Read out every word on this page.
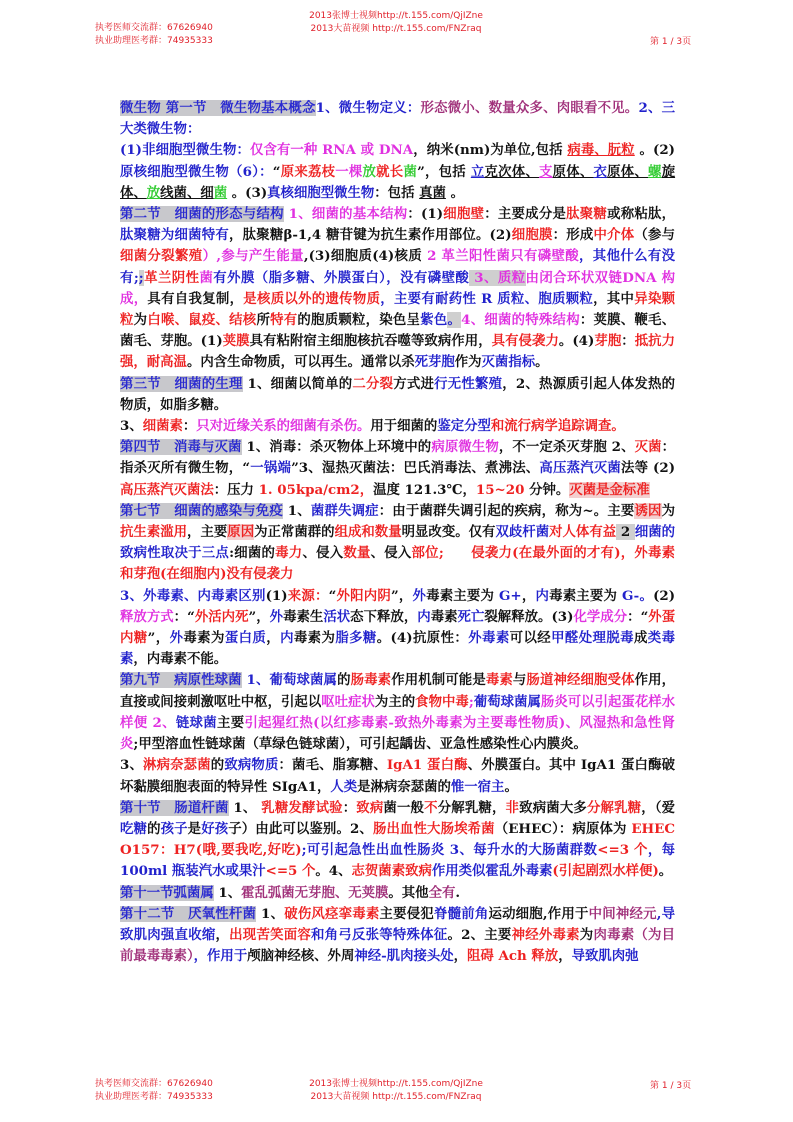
执考医师交流群：67626940
执业助理医考群：74935333
2013张博士视频http://t.155.com/QjIZne
2013大苗视频 http://t.155.com/FNZraq
第 1 / 3页

微生物 第一节　微生物基本概念1、微生物定义：形态微小、数量众多、肉眼看不见。2、三大类微生物：
(1)非细胞型微生物：仅含有一种 RNA 或 DNA，纳米(nm)为单位,包括 病毒、朊粒 。(2)原核细胞型微生物（6）：“原来荔枝一棵放就长菌”，包括 立克次体、支原体、衣原体、螺旋体、放线菌、细菌 。(3)真核细胞型微生物：包括 真菌 。

第二节　细菌的形态与结构 1、细菌的基本结构：(1)细胞壁：主要成分是肽聚糖或称粘肽，肽聚糖为细菌特有，肽聚糖β-1,4 糖苷键为抗生素作用部位。(2)细胞膜：形成中介体（参与细菌分裂繁殖）,参与产生能量,(3)细胞质(4)核质 2 革兰阳性菌只有磷壁酸，其他什么有没有;;革兰阴性菌有外膜（脂多糖、外膜蛋白），没有磷壁酸 3、质粒由闭合环状双链DNA 构成，具有自我复制，是核质以外的遗传物质，主要有耐药性 R 质粒、胞质颗粒，其中异染颗粒为白喉、鼠疫、结核所特有的胞质颗粒，染色呈紫色。4、细菌的特殊结构：荚膜、鞭毛、菌毛、芽胞。(1)荚膜具有粘附宿主细胞核抗吞噬等致病作用，具有侵袭力。(4)芽胞：抵抗力强，耐高温。内含生命物质，可以再生。通常以杀死芽胞作为灭菌指标。

第三节　细菌的生理 1、细菌以简单的二分裂方式进行无性繁殖，2、热源质引起人体发热的物质，如脂多糖。
3、细菌素：只对近缘关系的细菌有杀伤。用于细菌的鉴定分型和流行病学追踪调查。

第四节　消毒与灭菌 1、消毒：杀灭物体上环境中的病原微生物，不一定杀灭芽胞 2、灭菌：指杀灭所有微生物，“一锅端”3、湿热灭菌法：巴氏消毒法、煮沸法、高压蒸汽灭菌法等 (2) 高压蒸汽灭菌法：压力 1. 05kpa/cm2，温度 121.3℃，15~20 分钟。灭菌是金标准

第七节　细菌的感染与免疫 1、菌群失调症：由于菌群失调引起的疾病，称为~。主要诱因为抗生素滥用，主要原因为正常菌群的组成和数量明显改变。仅有双歧杆菌对人体有益 2 细菌的致病性取决于三点:细菌的毒力、侵入数量、侵入部位;　　侵袭力(在最外面的才有)，外毒素和芽孢(在细胞内)没有侵袭力
3、外毒素、内毒素区别(1)来源：“外阳内阴”，外毒素主要为 G+，内毒素主要为 G-。(2)释放方式：“外活内死”，外毒素生活状态下释放，内毒素死亡裂解释放。(3)化学成分：“外蛋内糖”，外毒素为蛋白质，内毒素为脂多糖。(4)抗原性：外毒素可以经甲醛处理脱毒成类毒素，内毒素不能。

第九节　病原性球菌 1、葡萄球菌属的肠毒素作用机制可能是毒素与肠道神经细胞受体作用，直接或间接刺激呕吐中枢，引起以呕吐症状为主的食物中毒;葡萄球菌属肠炎可以引起蛋花样水样便 2、链球菌主要引起猩红热(以红疹毒素-致热外毒素为主要毒性物质)、风湿热和急性肾炎;甲型溶血性链球菌（草绿色链球菌），可引起龋齿、亚急性感染性心内膜炎。
3、淋病奈瑟菌的致病物质：菌毛、脂寡糖、IgA1 蛋白酶、外膜蛋白。其中 IgA1 蛋白酶破坏黏膜细胞表面的特异性 SIgA1，人类是淋病奈瑟菌的惟一宿主。

第十节　肠道杆菌 1、 乳糖发酵试验：致病菌一般不分解乳糖，非致病菌大多分解乳糖，（爱吃糖的孩子是好孩子）由此可以鉴别。2、肠出血性大肠埃希菌（EHEC）：病原体为 EHEC O157：H7(哦,要我吃,好吃);可引起急性出血性肠炎 3、每升水的大肠菌群数<=3 个，每 100ml 瓶装汽水或果汁<=5 个。4、志贺菌素致病作用类似霍乱外毒素(引起剧烈水样便)。

第十一节弧菌属 1、霍乱弧菌无芽胞、无荚膜。其他全有.

第十二节　厌氧性杆菌 1、破伤风痉挛毒素主要侵犯脊髓前角运动细胞,作用于中间神经元,导致肌肉强直收缩，出现苦笑面容和角弓反张等特殊体征。2、主要神经外毒素为肉毒素（为目前最毒毒素），作用于颅脑神经核、外周神经-肌肉接头处，阻碍 Ach 释放，导致肌肉弛

执考医师交流群：67626940
执业助理医考群：74935333
2013张博士视频http://t.155.com/QjIZne
2013大苗视频 http://t.155.com/FNZraq
第 1 / 3页
